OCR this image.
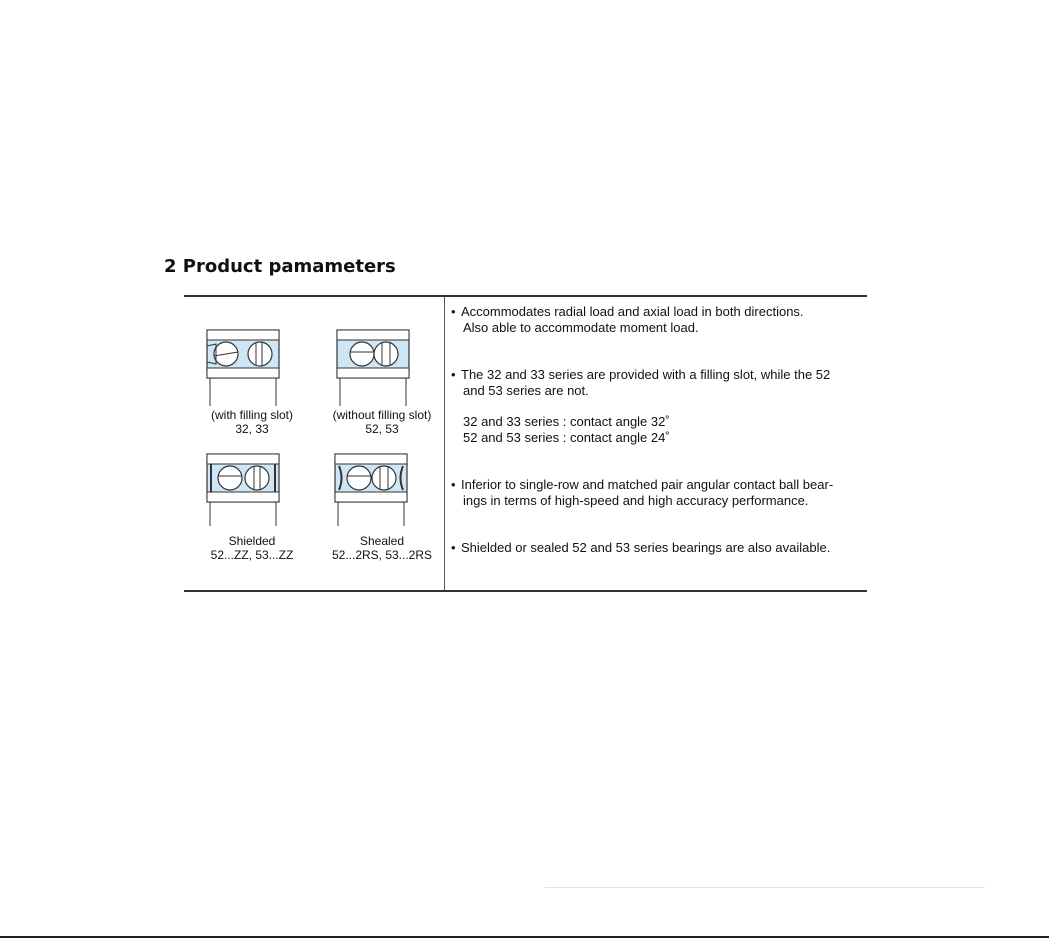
2 Product pamameters
(with filling slot)
32, 33
(without filling slot)
52, 53
Shielded
52...ZZ, 53...ZZ
Shealed
52...2RS, 53...2RS
• Accommodates radial load and axial load in both directions.
Also able to accommodate moment load.
• The 32 and 33 series are provided with a filling slot, while the 52
and 53 series are not.
32 and 33 series : contact angle 32˚
52 and 53 series : contact angle 24˚
• Inferior to single-row and matched pair angular contact ball bear-
ings in terms of high-speed and high accuracy performance.
• Shielded or sealed 52 and 53 series bearings are also available.
